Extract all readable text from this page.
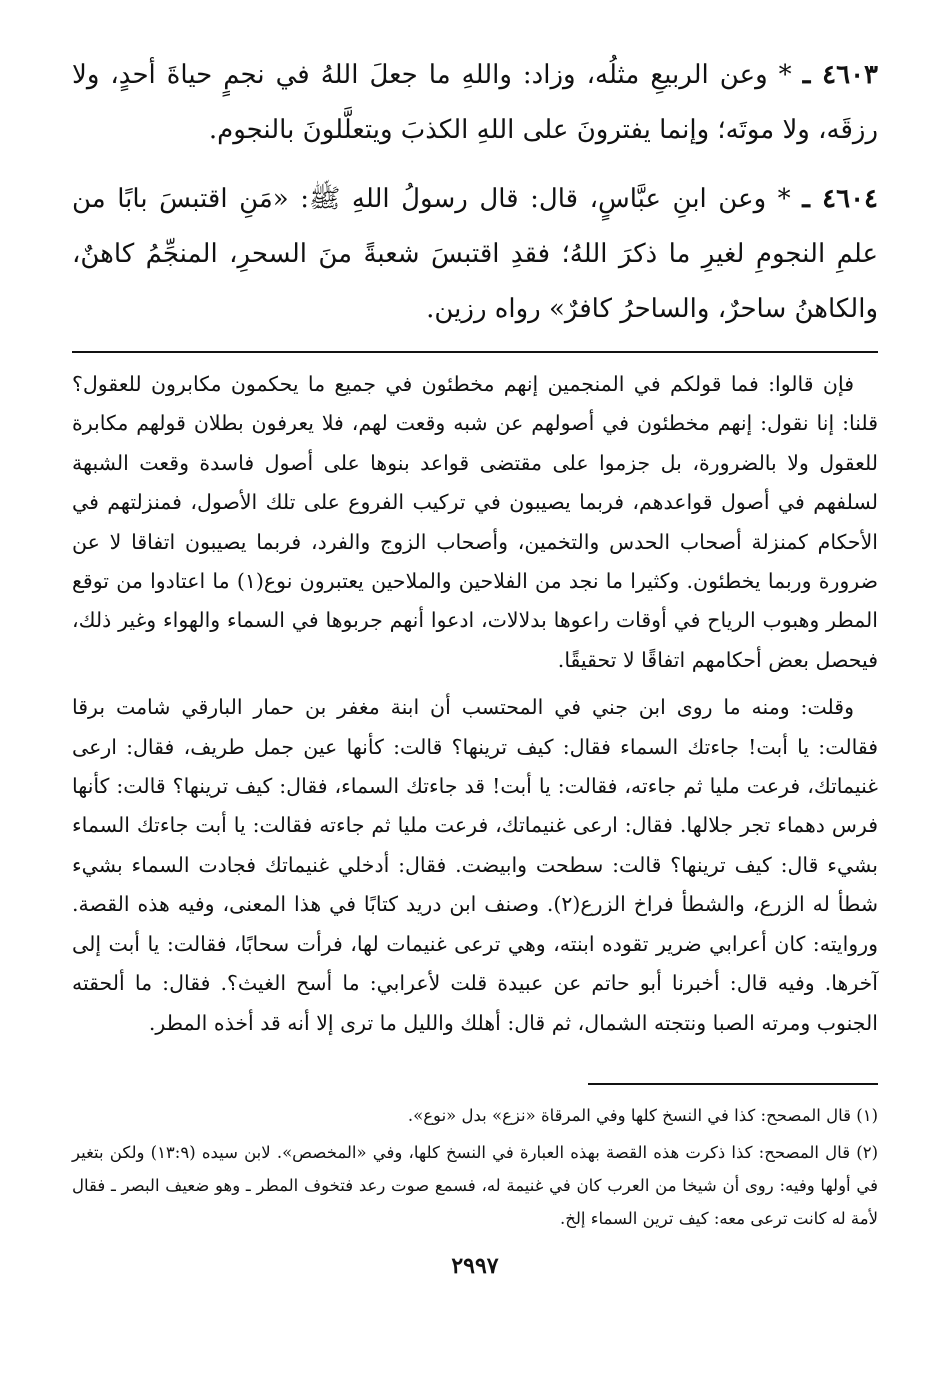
٤٦٠٣ ـ * وعن الربيعِ مثلُه، وزاد: واللهِ ما جعلَ اللهُ في نجمٍ حياةَ أحدٍ، ولا رزقَه، ولا موتَه؛ وإنما يفترونَ على اللهِ الكذبَ ويتعلَّلونَ بالنجوم.

٤٦٠٤ ـ * وعن ابنِ عبَّاسٍ، قال: قال رسولُ اللهِ ﷺ: «مَنِ اقتبسَ بابًا من علمِ النجومِ لغيرِ ما ذكرَ اللهُ؛ فقدِ اقتبسَ شعبةً منَ السحرِ، المنجِّمُ كاهنٌ، والكاهنُ ساحرٌ، والساحرُ كافرٌ» رواه رزين.

فإن قالوا: فما قولكم في المنجمين إنهم مخطئون في جميع ما يحكمون مكابرون للعقول؟ قلنا: إنا نقول: إنهم مخطئون في أصولهم عن شبه وقعت لهم، فلا يعرفون بطلان قولهم مكابرة للعقول ولا بالضرورة، بل جزموا على مقتضى قواعد بنوها على أصول فاسدة وقعت الشبهة لسلفهم في أصول قواعدهم، فربما يصيبون في تركيب الفروع على تلك الأصول، فمنزلتهم في الأحكام كمنزلة أصحاب الحدس والتخمين، وأصحاب الزوج والفرد، فربما يصيبون اتفاقا لا عن ضرورة وربما يخطئون. وكثيرا ما نجد من الفلاحين والملاحين يعتبرون نوع(١) ما اعتادوا من توقع المطر وهبوب الرياح في أوقات راعوها بدلالات، ادعوا أنهم جربوها في السماء والهواء وغير ذلك، فيحصل بعض أحكامهم اتفاقًا لا تحقيقًا.

وقلت: ومنه ما روى ابن جني في المحتسب أن ابنة مغفر بن حمار البارقي شامت برقا فقالت: يا أبت! جاءتك السماء فقال: كيف ترينها؟ قالت: كأنها عين جمل طريف، فقال: ارعى غنيماتك، فرعت مليا ثم جاءته، فقالت: يا أبت! قد جاءتك السماء، فقال: كيف ترينها؟ قالت: كأنها فرس دهماء تجر جلالها. فقال: ارعى غنيماتك، فرعت مليا ثم جاءته فقالت: يا أبت جاءتك السماء بشيء قال: كيف ترينها؟ قالت: سطحت وابيضت. فقال: أدخلي غنيماتك فجادت السماء بشيء شطأ له الزرع، والشطأ فراخ الزرع(٢). وصنف ابن دريد كتابًا في هذا المعنى، وفيه هذه القصة. وروايته: كان أعرابي ضرير تقوده ابنته، وهي ترعى غنيمات لها، فرأت سحابًا، فقالت: يا أبت إلى آخرها. وفيه قال: أخبرنا أبو حاتم عن عبيدة قلت لأعرابي: ما أسح الغيث؟. فقال: ما ألحقته الجنوب ومرته الصبا ونتجته الشمال، ثم قال: أهلك والليل ما ترى إلا أنه قد أخذه المطر.

(١) قال المصحح: كذا في النسخ كلها وفي المرقاة «نزع» بدل «نوع».

(٢) قال المصحح: كذا ذكرت هذه القصة بهذه العبارة في النسخ كلها، وفي «المخصص». لابن سيده (١٣:٩) ولكن بتغير في أولها وفيه: روى أن شيخا من العرب كان في غنيمة له، فسمع صوت رعد فتخوف المطر ـ وهو ضعيف البصر ـ فقال لأمة له كانت ترعى معه: كيف ترين السماء إلخ.

٢٩٩٧
